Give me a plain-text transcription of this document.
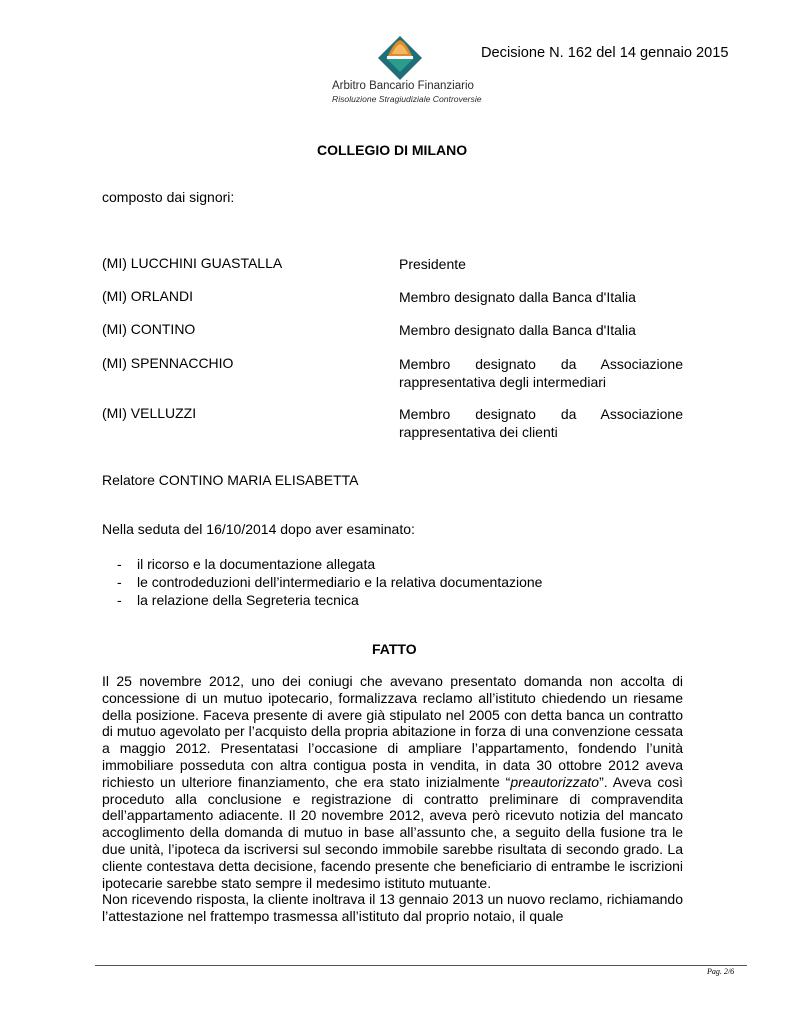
Arbitro Bancario Finanziario
Risoluzione Stragiudiziale Controversie
Decisione N. 162 del 14 gennaio 2015
COLLEGIO DI MILANO
composto dai signori:
(MI) LUCCHINI GUASTALLA	Presidente
(MI) ORLANDI	Membro designato dalla Banca d'Italia
(MI) CONTINO	Membro designato dalla Banca d'Italia
(MI) SPENNACCHIO	Membro designato da Associazione
rappresentativa degli intermediari
(MI) VELLUZZI	Membro designato da Associazione
rappresentativa dei clienti
Relatore CONTINO MARIA ELISABETTA
Nella seduta del 16/10/2014 dopo aver esaminato:
- il ricorso e la documentazione allegata
- le controdeduzioni dell’intermediario e la relativa documentazione
- la relazione della Segreteria tecnica
FATTO

Il 25 novembre 2012, uno dei coniugi che avevano presentato domanda non accolta di concessione di un mutuo ipotecario, formalizzava reclamo all’istituto chiedendo un riesame della posizione. Faceva presente di avere già stipulato nel 2005 con detta banca un contratto di mutuo agevolato per l’acquisto della propria abitazione in forza di una convenzione cessata a maggio 2012. Presentatasi l’occasione di ampliare l’appartamento, fondendo l’unità immobiliare posseduta con altra contigua posta in vendita, in data 30 ottobre 2012 aveva richiesto un ulteriore finanziamento, che era stato inizialmente “preautorizzato”. Aveva così proceduto alla conclusione e registrazione di contratto preliminare di compravendita dell’appartamento adiacente. Il 20 novembre 2012, aveva però ricevuto notizia del mancato accoglimento della domanda di mutuo in base all’assunto che, a seguito della fusione tra le due unità, l’ipoteca da iscriversi sul secondo immobile sarebbe risultata di secondo grado. La cliente contestava detta decisione, facendo presente che beneficiario di entrambe le iscrizioni ipotecarie sarebbe stato sempre il medesimo istituto mutuante.

Non ricevendo risposta, la cliente inoltrava il 13 gennaio 2013 un nuovo reclamo, richiamando l’attestazione nel frattempo trasmessa all’istituto dal proprio notaio, il quale

Pag. 2/6
